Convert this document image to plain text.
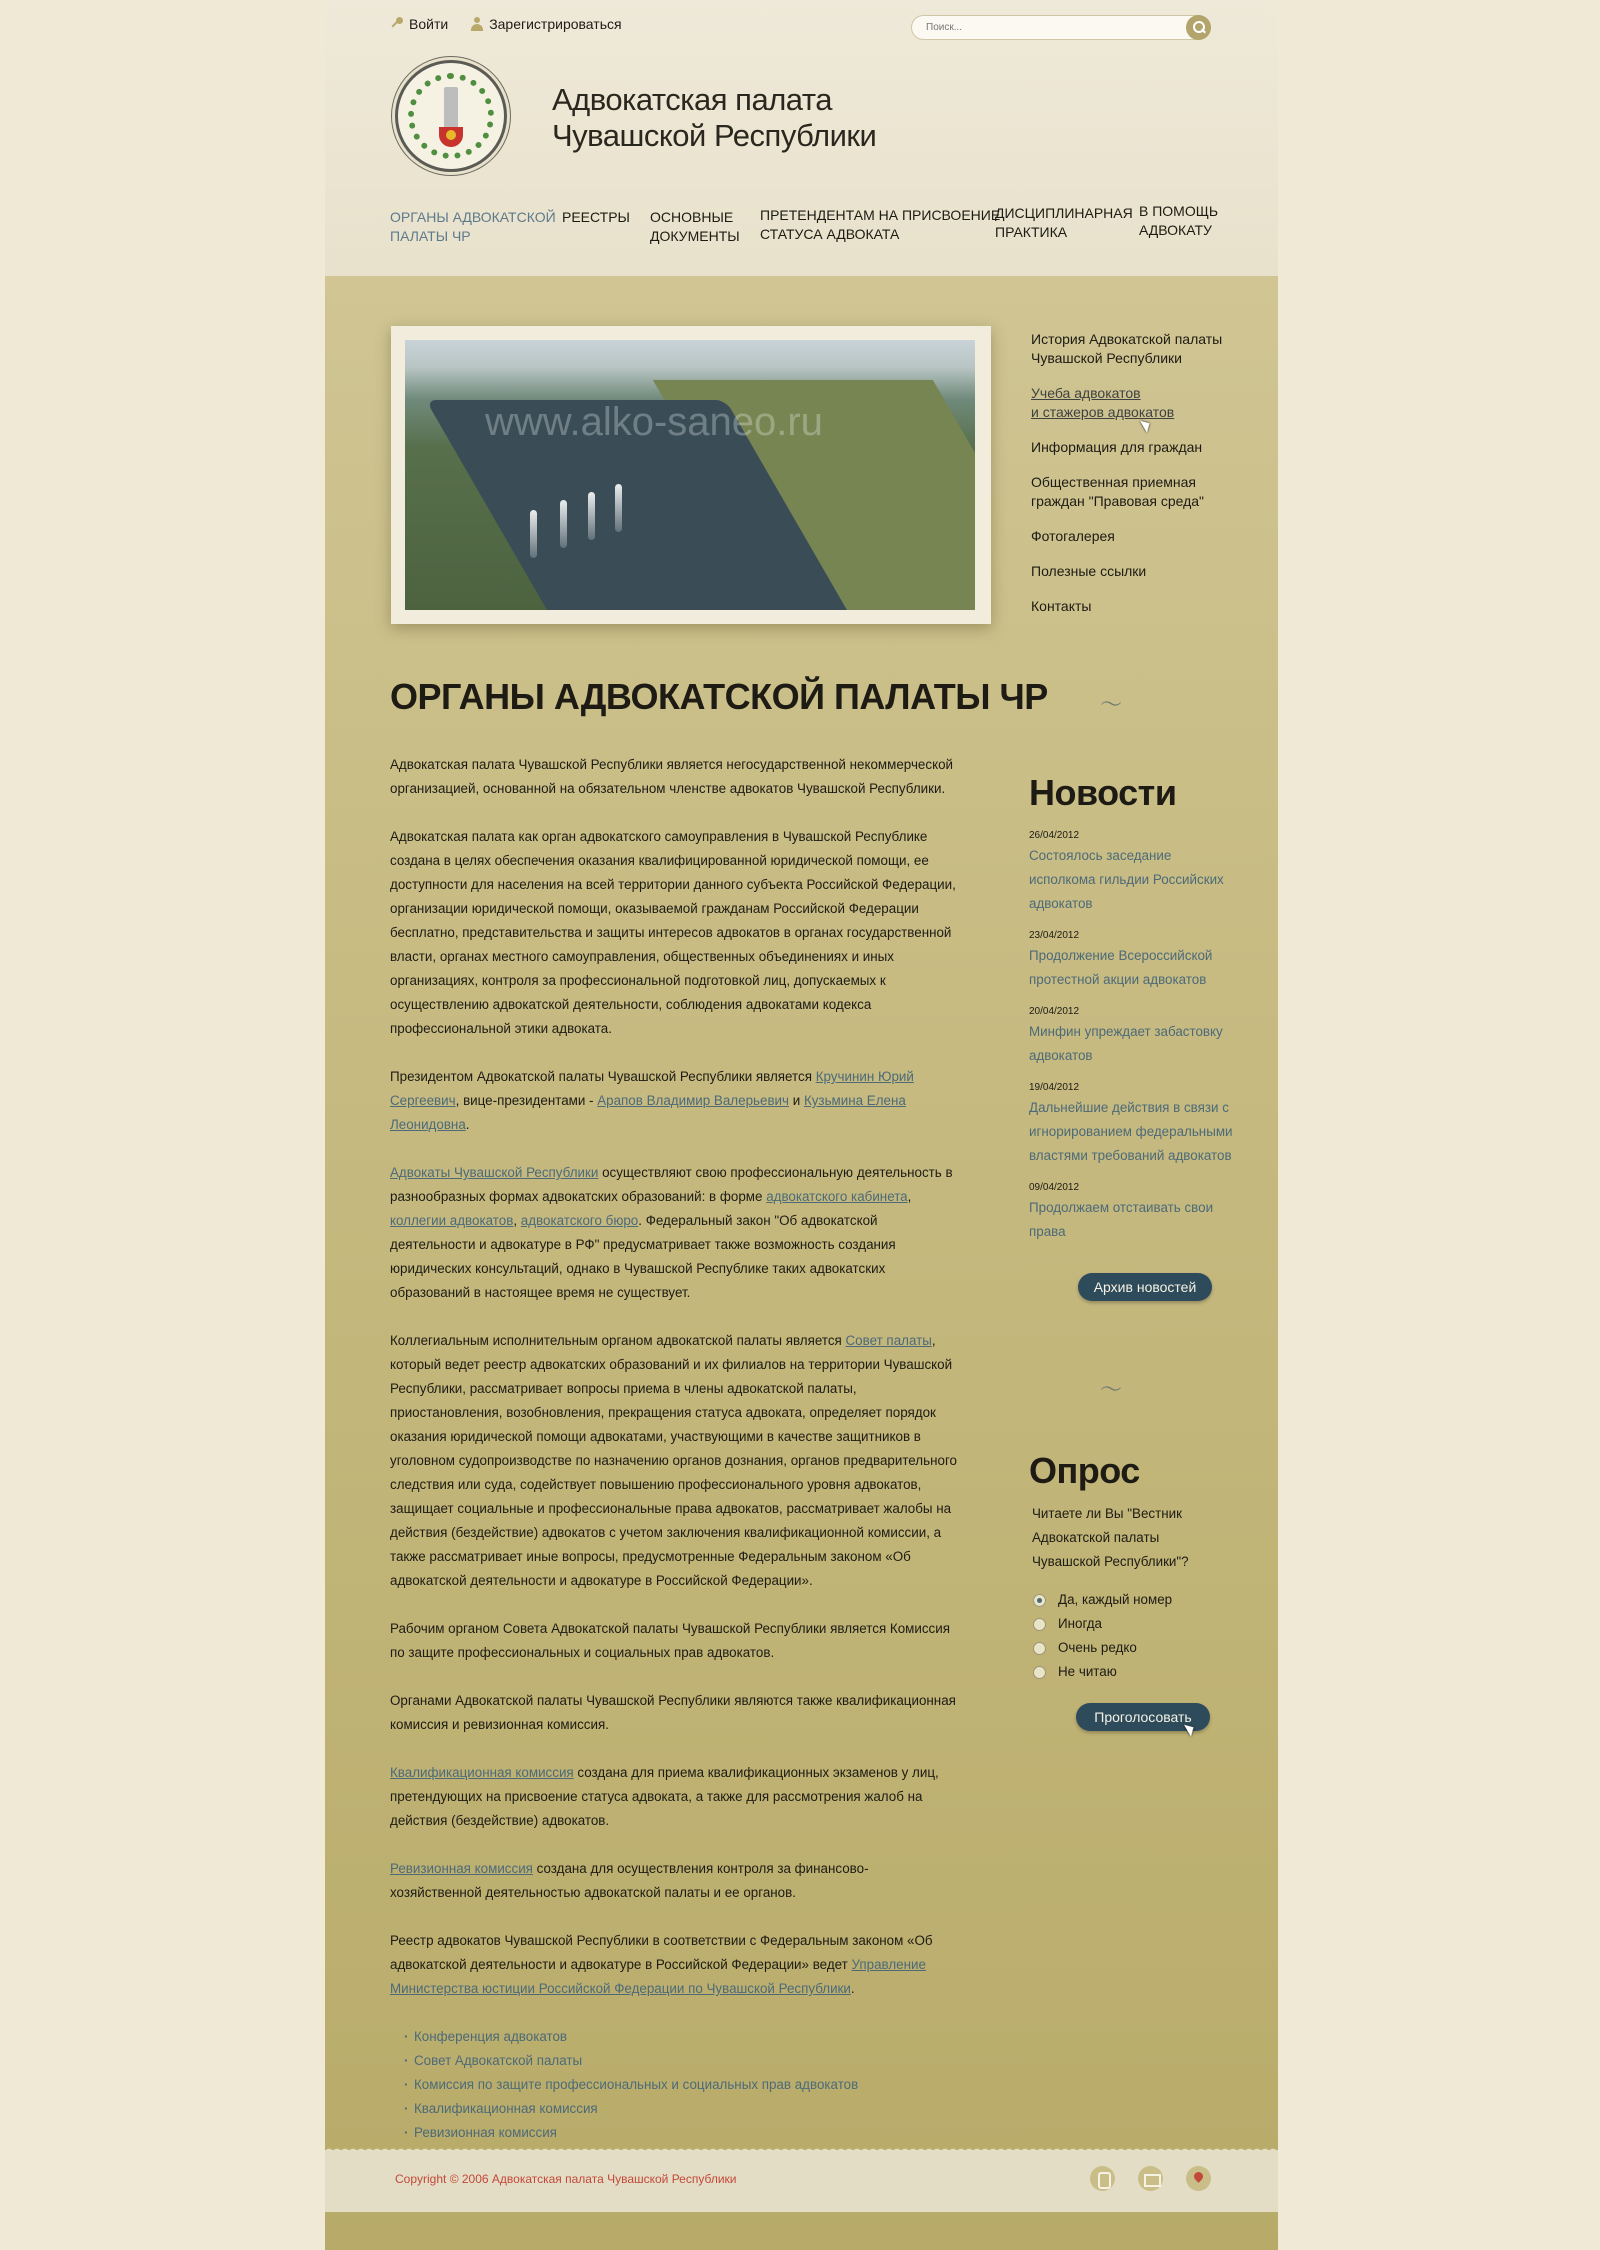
Войти	Зарегистрироваться
Поиск...
Адвокатская палата
Чувашской Республики
ОРГАНЫ АДВОКАТСКОЙ
ПАЛАТЫ ЧР
РЕЕСТРЫ ОСНОВНЫЕ
ДОКУМЕНТЫ
ПРЕТЕНДЕНТАМ НА ПРИСВОЕНИЕ
СТАТУСА АДВОКАТА
ДИСЦИПЛИНАРНАЯ
ПРАКТИКА
В ПОМОЩЬ
АДВОКАТУ
www.alko-saneo.ru
История Адвокатской палаты
Чувашской Республики
Учеба адвокатов
и стажеров адвокатов
Информация для граждан
Общественная приемная
граждан "Правовая среда"
Фотогалерея
Полезные ссылки
Контакты
〜
ОРГАНЫ АДВОКАТСКОЙ ПАЛАТЫ ЧР

Адвокатская палата Чувашской Республики является негосударственной некоммерческой организацией, основанной на обязательном членстве адвокатов Чувашской Республики.

Адвокатская палата как орган адвокатского самоуправления в Чувашской Республике создана в целях обеспечения оказания квалифицированной юридической помощи, ее доступности для населения на всей территории данного субъекта Российской Федерации, организации юридической помощи, оказываемой гражданам Российской Федерации бесплатно, представительства и защиты интересов адвокатов в органах государственной власти, органах местного самоуправления, общественных объединениях и иных организациях, контроля за профессиональной подготовкой лиц, допускаемых к осуществлению адвокатской деятельности, соблюдения адвокатами кодекса профессиональной этики адвоката.

Президентом Адвокатской палаты Чувашской Республики является Кручинин Юрий Сергеевич, вице-президентами - Арапов Владимир Валерьевич и Кузьмина Елена Леонидовна.

Адвокаты Чувашской Республики осуществляют свою профессиональную деятельность в разнообразных формах адвокатских образований: в форме адвокатского кабинета, коллегии адвокатов, адвокатского бюро. Федеральный закон "Об адвокатской деятельности и адвокатуре в РФ" предусматривает также возможность создания юридических консультаций, однако в Чувашской Республике таких адвокатских образований в настоящее время не существует.

Коллегиальным исполнительным органом адвокатской палаты является Совет палаты, который ведет реестр адвокатских образований и их филиалов на территории Чувашской Республики, рассматривает вопросы приема в члены адвокатской палаты, приостановления, возобновления, прекращения статуса адвоката, определяет порядок оказания юридической помощи адвокатами, участвующими в качестве защитников в уголовном судопроизводстве по назначению органов дознания, органов предварительного следствия или суда, содействует повышению профессионального уровня адвокатов, защищает социальные и профессиональные права адвокатов, рассматривает жалобы на действия (бездействие) адвокатов с учетом заключения квалификационной комиссии, а также рассматривает иные вопросы, предусмотренные Федеральным законом «Об адвокатской деятельности и адвокатуре в Российской Федерации».

Рабочим органом Совета Адвокатской палаты Чувашской Республики является Комиссия по защите профессиональных и социальных прав адвокатов.

Органами Адвокатской палаты Чувашской Республики являются также квалификационная комиссия и ревизионная комиссия.

Квалификационная комиссия создана для приема квалификационных экзаменов у лиц, претендующих на присвоение статуса адвоката, а также для рассмотрения жалоб на действия (бездействие) адвокатов.

Ревизионная комиссия создана для осуществления контроля за финансово-хозяйственной деятельностью адвокатской палаты и ее органов.

Реестр адвокатов Чувашской Республики в соответствии с Федеральным законом «Об адвокатской деятельности и адвокатуре в Российской Федерации» ведет Управление Министерства юстиции Российской Федерации по Чувашской Республики.

· Конференция адвокатов
· Совет Адвокатской палаты
· Комиссия по защите профессиональных и социальных прав адвокатов
· Квалификационная комиссия
· Ревизионная комиссия
Новости
26/04/2012
Состоялось заседание исполкома гильдии Российских адвокатов
23/04/2012
Продолжение Всероссийской протестной акции адвокатов
20/04/2012
Минфин упреждает забастовку адвокатов
19/04/2012
Дальнейшие действия в связи с игнорированием федеральными властями требований адвокатов
09/04/2012
Продолжаем отстаивать свои права
Архив новостей
〜
Опрос
Читаете ли Вы "Вестник Адвокатской палаты Чувашской Республики"?
Да, каждый номер
Иногда
Очень редко
Не читаю
Проголосовать
Copyright © 2006 Адвокатская палата Чувашской Республики
